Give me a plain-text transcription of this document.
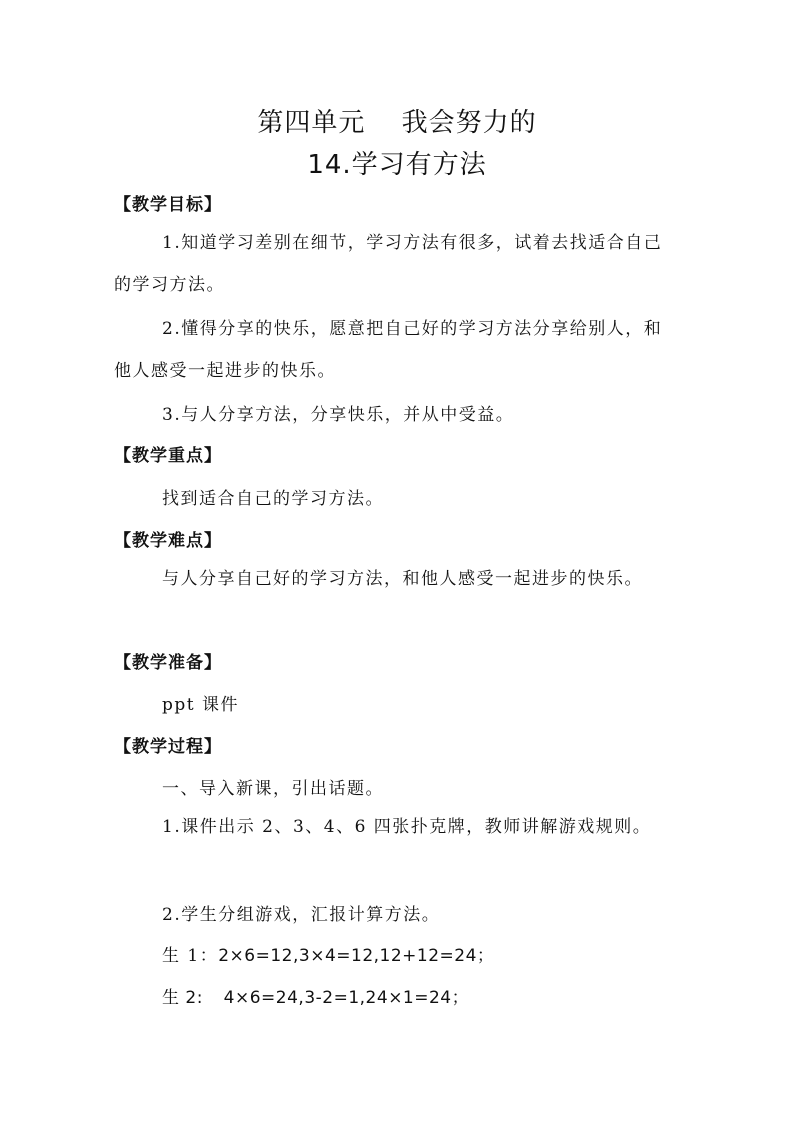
第四单元　 我会努力的
14.学习有方法

【教学目标】

1.知道学习差别在细节，学习方法有很多，试着去找适合自己的学习方法。

2.懂得分享的快乐，愿意把自己好的学习方法分享给别人，和他人感受一起进步的快乐。

3.与人分享方法，分享快乐，并从中受益。

【教学重点】

找到适合自己的学习方法。

【教学难点】

与人分享自己好的学习方法，和他人感受一起进步的快乐。

【教学准备】

ppt 课件

【教学过程】

一、导入新课，引出话题。

1.课件出示 2、3、4、6 四张扑克牌，教师讲解游戏规则。

2.学生分组游戏，汇报计算方法。

生 1：2×6=12,3×4=12,12+12=24；

生 2: 4×6=24,3-2=1,24×1=24；
